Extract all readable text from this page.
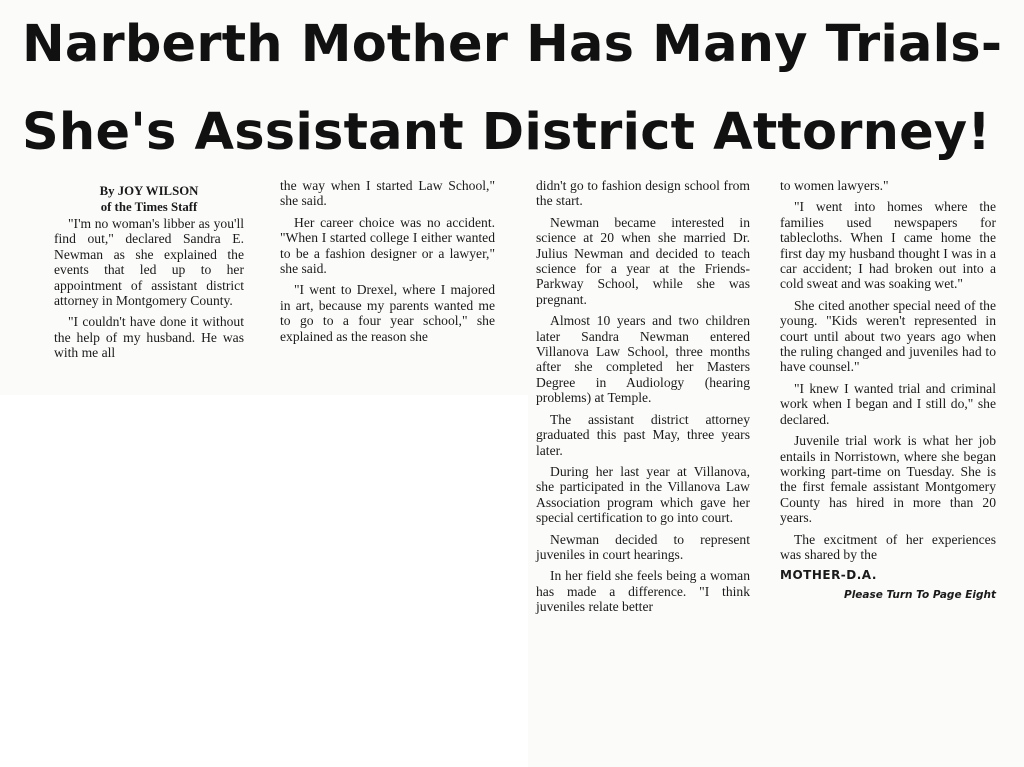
Narberth Mother Has Many Trials-
She's Assistant District Attorney!
By JOY WILSON
of the Times Staff

"I'm no woman's libber as you'll find out," declared Sandra E. Newman as she explained the events that led up to her appointment of assistant district attorney in Montgomery County.

"I couldn't have done it without the help of my husband. He was with me all

the way when I started Law School," she said.

Her career choice was no accident. "When I started college I either wanted to be a fashion designer or a lawyer," she said.

"I went to Drexel, where I majored in art, because my parents wanted me to go to a four year school," she explained as the reason she

didn't go to fashion design school from the start.

Newman became interested in science at 20 when she married Dr. Julius Newman and decided to teach science for a year at the Friends-Parkway School, while she was pregnant.

Almost 10 years and two children later Sandra Newman entered Villanova Law School, three months after she completed her Masters Degree in Audiology (hearing problems) at Temple.

The assistant district attorney graduated this past May, three years later.

During her last year at Villanova, she participated in the Villanova Law Association program which gave her special certification to go into court.

Newman decided to represent juveniles in court hearings.

In her field she feels being a woman has made a difference. "I think juveniles relate better

to women lawyers."

"I went into homes where the families used newspapers for tablecloths. When I came home the first day my husband thought I was in a car accident; I had broken out into a cold sweat and was soaking wet."

She cited another special need of the young. "Kids weren't represented in court until about two years ago when the ruling changed and juveniles had to have counsel."

"I knew I wanted trial and criminal work when I began and I still do," she declared.

Juvenile trial work is what her job entails in Norristown, where she began working part-time on Tuesday. She is the first female assistant Montgomery County has hired in more than 20 years.

The excitment of her experiences was shared by the

MOTHER-D.A.
Please Turn To Page Eight
